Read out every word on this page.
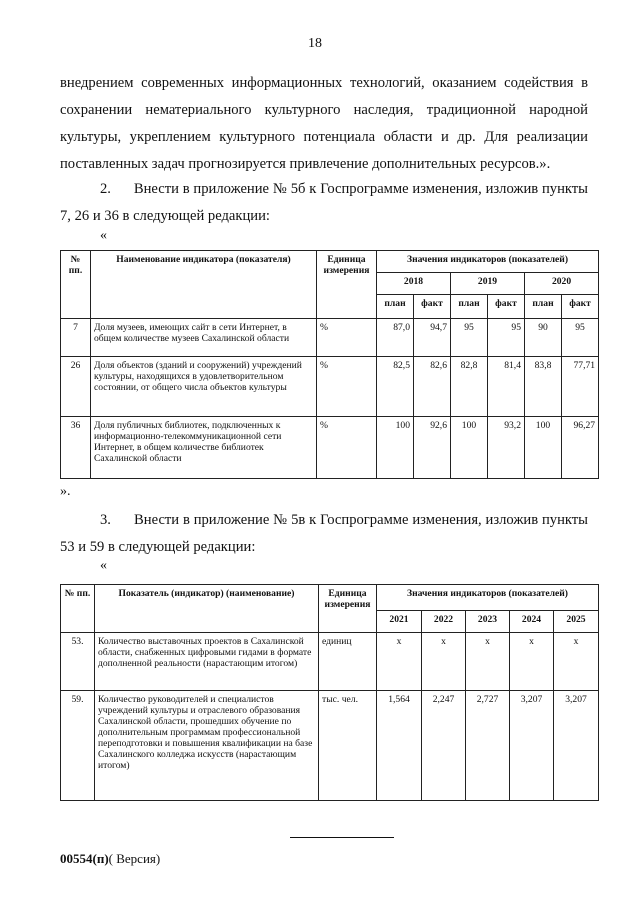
18

внедрением современных информационных технологий, оказанием содействия в сохранении нематериального культурного наследия, традиционной народной культуры, укреплением культурного потенциала области и др. Для реализации поставленных задач прогнозируется привлечение дополнительных ресурсов.».

2.      Внести в приложение № 5б к Госпрограмме изменения, изложив пункты 7, 26 и 36 в следующей редакции:

«
№ пп.	Наименование индикатора (показателя)	Единица измерения	Значения индикаторов (показателей)					
			2018		2019		2020	
			план	факт	план	факт	план	факт
7	Доля музеев, имеющих сайт в сети Интернет, в общем количестве музеев Сахалинской области	%	87,0	94,7	95	95	90	95
26	Доля объектов (зданий и сооружений) учреждений культуры, находящихся в удовлетворительном состоянии, от общего числа объектов культуры	%	82,5	82,6	82,8	81,4	83,8	77,71
36	Доля публичных библиотек, подключенных к информационно-телекоммуникационной сети Интернет, в общем количестве библиотек Сахалинской области	%	100	92,6	100	93,2	100	96,27
».

3.      Внести в приложение № 5в к Госпрограмме изменения, изложив пункты 53 и 59 в следующей редакции:

«
№ пп.	Показатель (индикатор) (наименование)	Единица измерения	Значения индикаторов (показателей)				
			2021	2022	2023	2024	2025
53.	Количество выставочных проектов в Сахалинской области, снабженных цифровыми гидами в формате дополненной реальности (нарастающим итогом)	единиц	х	х	х	х	х
59.	Количество руководителей и специалистов учреждений культуры и отраслевого образования Сахалинской области, прошедших обучение по дополнительным программам профессиональной переподготовки и повышения квалификации на базе Сахалинского колледжа искусств (нарастающим итогом)	тыс. чел.	1,564	2,247	2,727	3,207	3,207
00554(п)( Версия)
